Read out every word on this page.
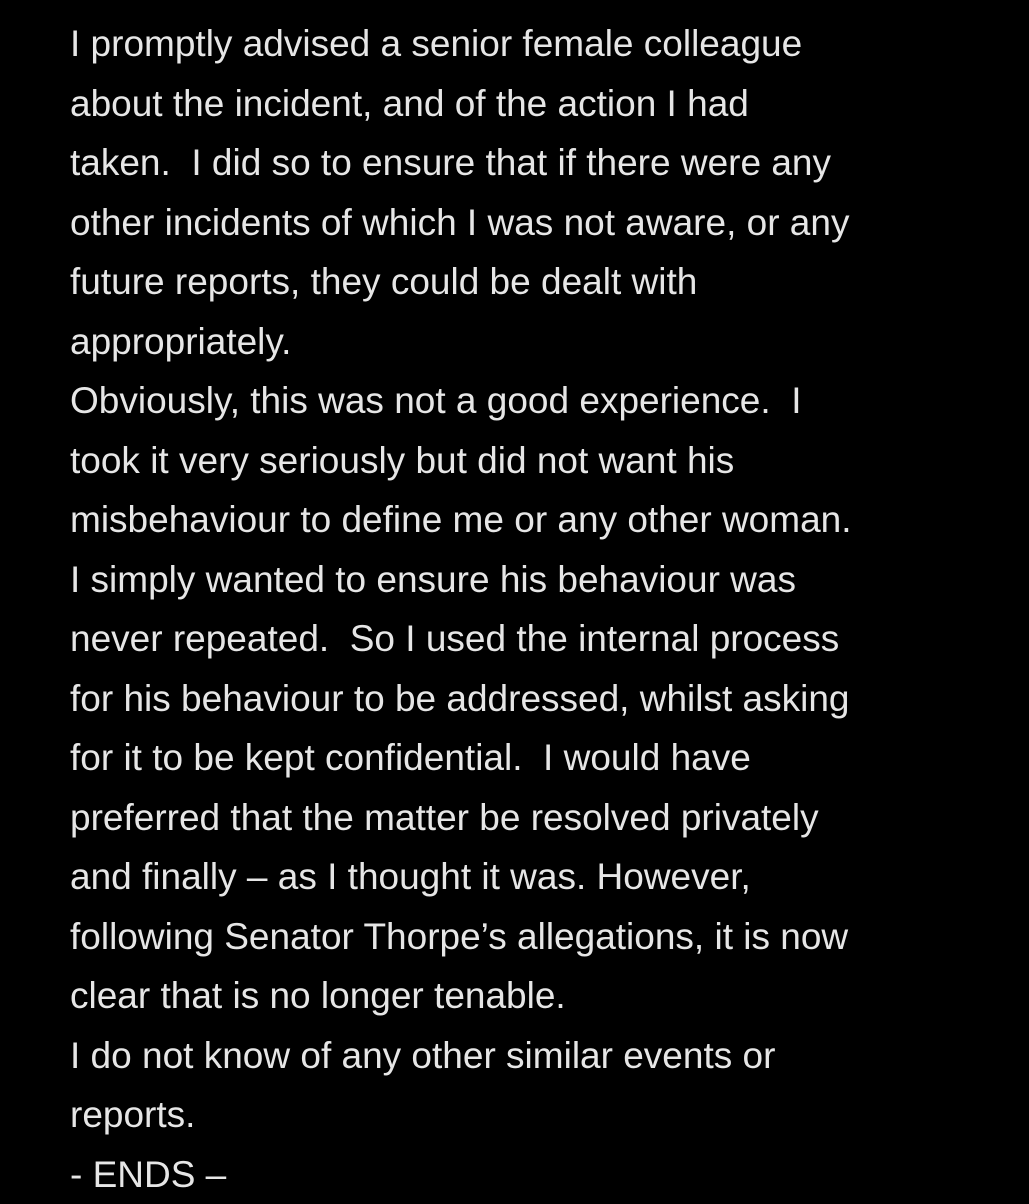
I promptly advised a senior female colleague
about the incident, and of the action I had
taken.  I did so to ensure that if there were any
other incidents of which I was not aware, or any
future reports, they could be dealt with
appropriately.
Obviously, this was not a good experience.  I
took it very seriously but did not want his
misbehaviour to define me or any other woman.
I simply wanted to ensure his behaviour was
never repeated.  So I used the internal process
for his behaviour to be addressed, whilst asking
for it to be kept confidential.  I would have
preferred that the matter be resolved privately
and finally – as I thought it was. However,
following Senator Thorpe’s allegations, it is now
clear that is no longer tenable.
I do not know of any other similar events or
reports.
- ENDS –
